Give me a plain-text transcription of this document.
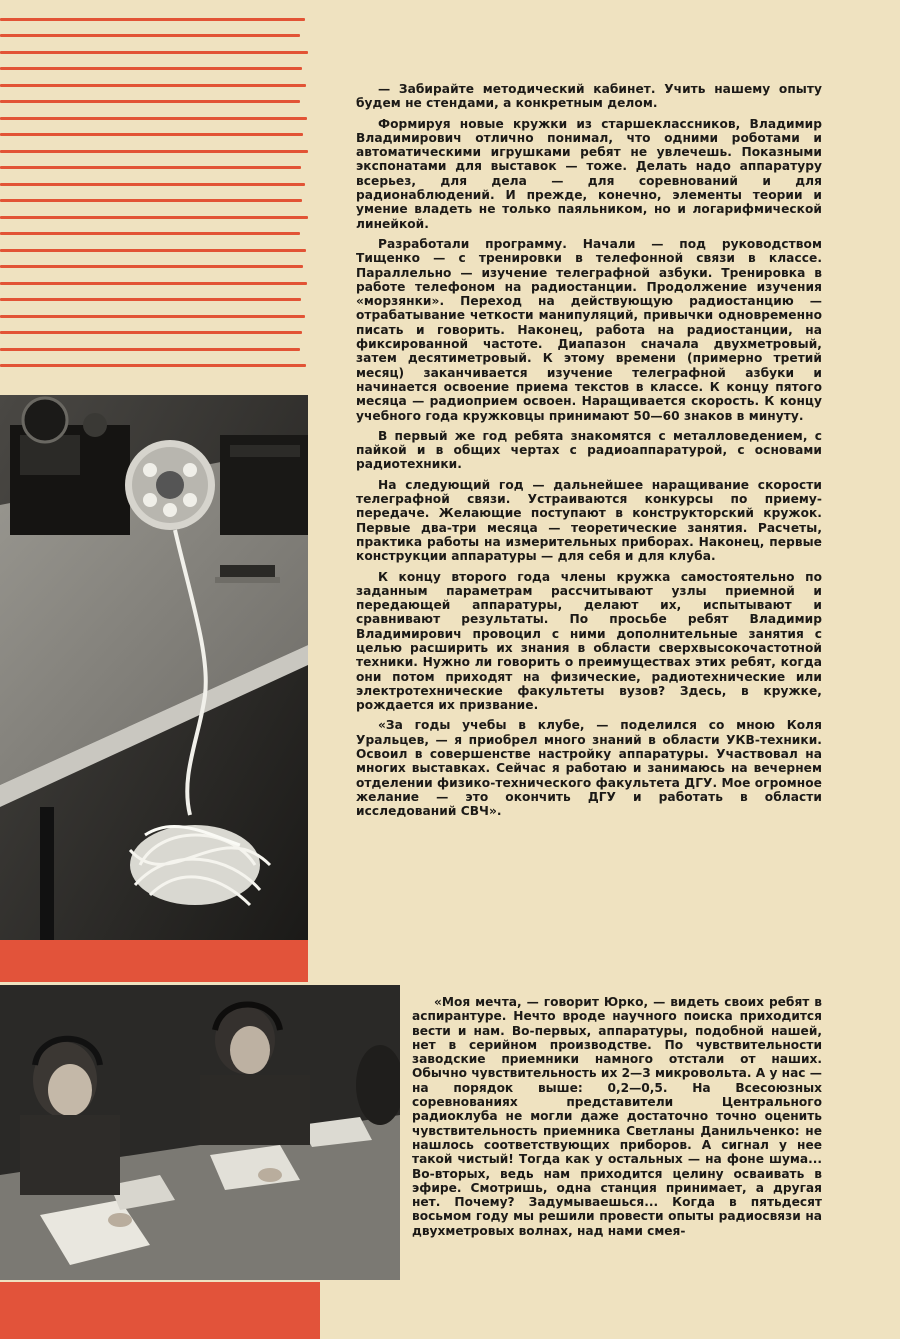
— Забирайте методический кабинет. Учить нашему опыту будем не стендами, а конкретным делом.

Формируя новые кружки из старшеклассников, Владимир Владимирович отлично понимал, что одними роботами и автоматическими игрушками ребят не увлечешь. Показными экспонатами для выставок — тоже. Делать надо аппаратуру всерьез, для дела — для соревнований и для радионаблюдений. И прежде, конечно, элементы теории и умение владеть не только паяльником, но и логарифмической линейкой.

Разработали программу. Начали — под руководством Тищенко — с тренировки в телефонной связи в классе. Параллельно — изучение телеграфной азбуки. Тренировка в работе телефоном на радиостанции. Продолжение изучения «морзянки». Переход на действующую радиостанцию — отрабатывание четкости манипуляций, привычки одновременно писать и говорить. Наконец, работа на радиостанции, на фиксированной частоте. Диапазон сначала двухметровый, затем десятиметровый. К этому времени (примерно третий месяц) заканчивается изучение телеграфной азбуки и начинается освоение приема текстов в классе. К концу пятого месяца — радиоприем освоен. Наращивается скорость. К концу учебного года кружковцы принимают 50—60 знаков в минуту.

В первый же год ребята знакомятся с металловедением, с пайкой и в общих чертах с радиоаппаратурой, с основами радиотехники.

На следующий год — дальнейшее наращивание скорости телеграфной связи. Устраиваются конкурсы по приему-передаче. Желающие поступают в конструкторский кружок. Первые два-три месяца — теоретические занятия. Расчеты, практика работы на измерительных приборах. Наконец, первые конструкции аппаратуры — для себя и для клуба.

К концу второго года члены кружка самостоятельно по заданным параметрам рассчитывают узлы приемной и передающей аппаратуры, делают их, испытывают и сравнивают результаты. По просьбе ребят Владимир Владимирович провоцил с ними дополнительные занятия с целью расширить их знания в области сверхвысокочастотной техники. Нужно ли говорить о преимуществах этих ребят, когда они потом приходят на физические, радиотехнические или электротехнические факультеты вузов? Здесь, в кружке, рождается их призвание.

«За годы учебы в клубе, — поделился со мною Коля Уральцев, — я приобрел много знаний в области УКВ-техники. Освоил в совершенстве настройку аппаратуры. Участвовал на многих выставках. Сейчас я работаю и занимаюсь на вечернем отделении физико-технического факультета ДГУ. Мое огромное желание — это окончить ДГУ и работать в области исследований СВЧ».

«Моя мечта, — говорит Юрко, — видеть своих ребят в аспирантуре. Нечто вроде научного поиска приходится вести и нам. Во-первых, аппаратуры, подобной нашей, нет в серийном производстве. По чувствительности заводские приемники намного отстали от наших. Обычно чувствительность их 2—3 микровольта. А у нас — на порядок выше: 0,2—0,5. На Всесоюзных соревнованиях представители Центрального радиоклуба не могли даже достаточно точно оценить чувствительность приемника Светланы Данильченко: не нашлось соответствующих приборов. А сигнал у нее такой чистый! Тогда как у остальных — на фоне шума... Во-вторых, ведь нам приходится целину осваивать в эфире. Смотришь, одна станция принимает, а другая нет. Почему? Задумываешься... Когда в пятьдесят восьмом году мы решили провести опыты радиосвязи на двухметровых волнах, над нами смея-
